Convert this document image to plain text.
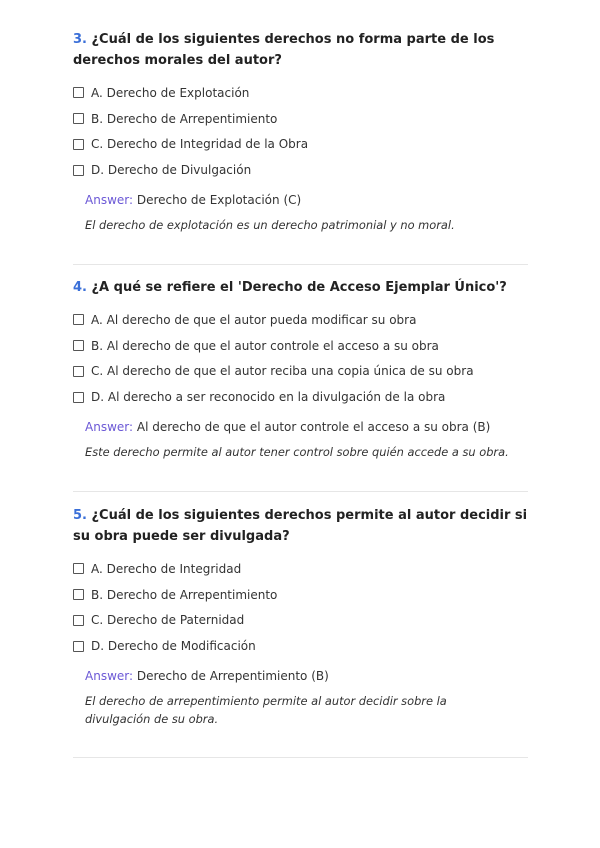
3. ¿Cuál de los siguientes derechos no forma parte de los derechos morales del autor?

A. Derecho de Explotación
B. Derecho de Arrepentimiento
C. Derecho de Integridad de la Obra
D. Derecho de Divulgación
Answer: Derecho de Explotación (C)
El derecho de explotación es un derecho patrimonial y no moral.

4. ¿A qué se refiere el 'Derecho de Acceso Ejemplar Único'?

A. Al derecho de que el autor pueda modificar su obra
B. Al derecho de que el autor controle el acceso a su obra
C. Al derecho de que el autor reciba una copia única de su obra
D. Al derecho a ser reconocido en la divulgación de la obra
Answer: Al derecho de que el autor controle el acceso a su obra (B)
Este derecho permite al autor tener control sobre quién accede a su obra.

5. ¿Cuál de los siguientes derechos permite al autor decidir si su obra puede ser divulgada?

A. Derecho de Integridad
B. Derecho de Arrepentimiento
C. Derecho de Paternidad
D. Derecho de Modificación
Answer: Derecho de Arrepentimiento (B)
El derecho de arrepentimiento permite al autor decidir sobre la divulgación de su obra.
